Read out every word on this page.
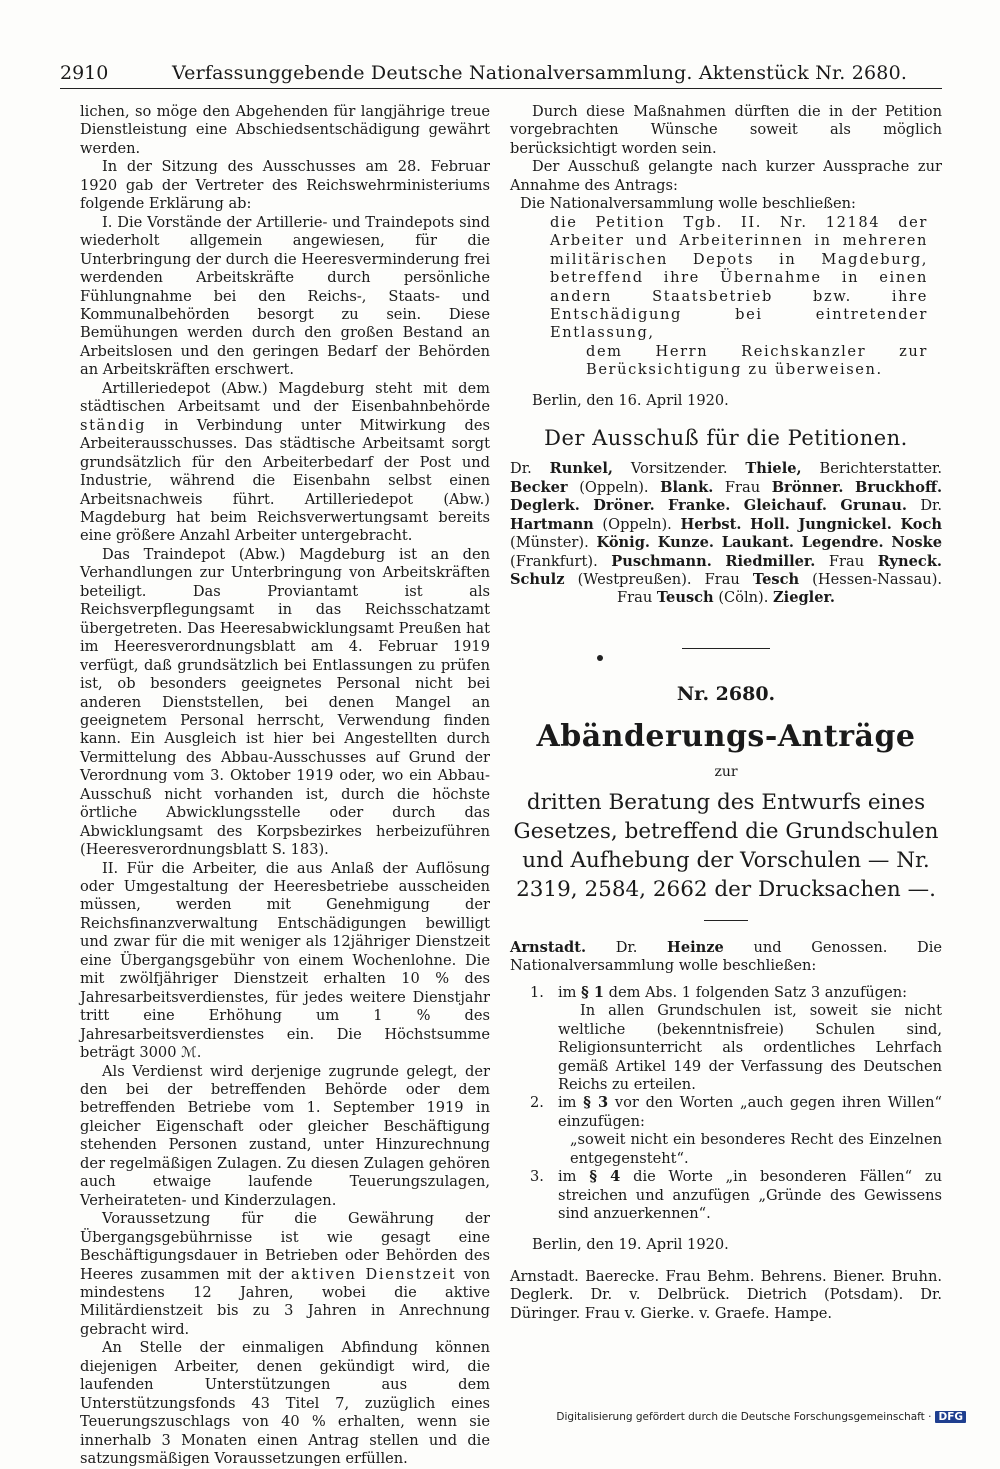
2910	Verfassunggebende Deutsche Nationalversammlung. Aktenstück Nr. 2680.

lichen, so möge den Abgehenden für langjährige treue Dienstleistung eine Abschiedsentschädigung gewährt werden.

In der Sitzung des Ausschusses am 28. Februar 1920 gab der Vertreter des Reichswehrministeriums folgende Erklärung ab:

I. Die Vorstände der Artillerie- und Traindepots sind wiederholt allgemein angewiesen, für die Unterbringung der durch die Heeresverminderung frei werdenden Arbeitskräfte durch persönliche Fühlungnahme bei den Reichs-, Staats- und Kommunalbehörden besorgt zu sein. Diese Bemühungen werden durch den großen Bestand an Arbeitslosen und den geringen Bedarf der Behörden an Arbeitskräften erschwert.

Artilleriedepot (Abw.) Magdeburg steht mit dem städtischen Arbeitsamt und der Eisenbahnbehörde ständig in Verbindung unter Mitwirkung des Arbeiterausschusses. Das städtische Arbeitsamt sorgt grundsätzlich für den Arbeiterbedarf der Post und Industrie, während die Eisenbahn selbst einen Arbeitsnachweis führt. Artilleriedepot (Abw.) Magdeburg hat beim Reichsverwertungsamt bereits eine größere Anzahl Arbeiter untergebracht.

Das Traindepot (Abw.) Magdeburg ist an den Verhandlungen zur Unterbringung von Arbeitskräften beteiligt. Das Proviantamt ist als Reichsverpflegungsamt in das Reichsschatzamt übergetreten. Das Heeresabwicklungsamt Preußen hat im Heeresverordnungsblatt am 4. Februar 1919 verfügt, daß grundsätzlich bei Entlassungen zu prüfen ist, ob besonders geeignetes Personal nicht bei anderen Dienststellen, bei denen Mangel an geeignetem Personal herrscht, Verwendung finden kann. Ein Ausgleich ist hier bei Angestellten durch Vermittelung des Abbau-Ausschusses auf Grund der Verordnung vom 3. Oktober 1919 oder, wo ein Abbau-Ausschuß nicht vorhanden ist, durch die höchste örtliche Abwicklungsstelle oder durch das Abwicklungsamt des Korpsbezirkes herbeizuführen (Heeresverordnungsblatt S. 183).

II. Für die Arbeiter, die aus Anlaß der Auflösung oder Umgestaltung der Heeresbetriebe ausscheiden müssen, werden mit Genehmigung der Reichsfinanzverwaltung Entschädigungen bewilligt und zwar für die mit weniger als 12jähriger Dienstzeit eine Übergangsgebühr von einem Wochenlohne. Die mit zwölfjähriger Dienstzeit erhalten 10 % des Jahresarbeitsverdienstes, für jedes weitere Dienstjahr tritt eine Erhöhung um 1 % des Jahresarbeitsverdienstes ein. Die Höchstsumme beträgt 3000 ℳ.

Als Verdienst wird derjenige zugrunde gelegt, der den bei der betreffenden Behörde oder dem betreffenden Betriebe vom 1. September 1919 in gleicher Eigenschaft oder gleicher Beschäftigung stehenden Personen zustand, unter Hinzurechnung der regelmäßigen Zulagen. Zu diesen Zulagen gehören auch etwaige laufende Teuerungszulagen, Verheirateten- und Kinderzulagen.

Voraussetzung für die Gewährung der Übergangsgebührnisse ist wie gesagt eine Beschäftigungsdauer in Betrieben oder Behörden des Heeres zusammen mit der aktiven Dienstzeit von mindestens 12 Jahren, wobei die aktive Militärdienstzeit bis zu 3 Jahren in Anrechnung gebracht wird.

An Stelle der einmaligen Abfindung können diejenigen Arbeiter, denen gekündigt wird, die laufenden Unterstützungen aus dem Unterstützungsfonds 43 Titel 7, zuzüglich eines Teuerungszuschlags von 40 % erhalten, wenn sie innerhalb 3 Monaten einen Antrag stellen und die satzungsmäßigen Voraussetzungen erfüllen.

Durch diese Maßnahmen dürften die in der Petition vorgebrachten Wünsche soweit als möglich berücksichtigt worden sein.

Der Ausschuß gelangte nach kurzer Aussprache zur Annahme des Antrags:

Die Nationalversammlung wolle beschließen:

die Petition Tgb. II. Nr. 12184 der Arbeiter und Arbeiterinnen in mehreren militärischen Depots in Magdeburg, betreffend ihre Übernahme in einen andern Staatsbetrieb bzw. ihre Entschädigung bei eintretender Entlassung,

dem Herrn Reichskanzler zur Berücksichtigung zu überweisen.

Berlin, den 16. April 1920.

Der Ausschuß für die Petitionen.

Dr. Runkel, Vorsitzender. Thiele, Berichterstatter. Becker (Oppeln). Blank. Frau Brönner. Bruckhoff. Deglerk. Dröner. Franke. Gleichauf. Grunau. Dr. Hartmann (Oppeln). Herbst. Holl. Jungnickel. Koch (Münster). König. Kunze. Laukant. Legendre. Noske (Frankfurt). Puschmann. Riedmiller. Frau Ryneck. Schulz (Westpreußen). Frau Tesch (Hessen-Nassau). Frau Teusch (Cöln). Ziegler.

Nr. 2680.
Abänderungs-Anträge
zur
dritten Beratung des Entwurfs eines Gesetzes, betreffend die Grundschulen und Aufhebung der Vorschulen — Nr. 2319, 2584, 2662 der Drucksachen —.

Arnstadt. Dr. Heinze und Genossen. Die Nationalversammlung wolle beschließen:

1. im § 1 dem Abs. 1 folgenden Satz 3 anzufügen:

In allen Grundschulen ist, soweit sie nicht weltliche (bekenntnisfreie) Schulen sind, Religionsunterricht als ordentliches Lehrfach gemäß Artikel 149 der Verfassung des Deutschen Reichs zu erteilen.

2. im § 3 vor den Worten „auch gegen ihren Willen“ einzufügen:

„soweit nicht ein besonderes Recht des Einzelnen entgegensteht“.

3. im § 4 die Worte „in besonderen Fällen“ zu streichen und anzufügen „Gründe des Gewissens sind anzuerkennen“.

Berlin, den 19. April 1920.

Arnstadt. Baerecke. Frau Behm. Behrens. Biener. Bruhn. Deglerk. Dr. v. Delbrück. Dietrich (Potsdam). Dr. Düringer. Frau v. Gierke. v. Graefe. Hampe.

Digitalisierung gefördert durch die Deutsche Forschungsgemeinschaft · DFG
